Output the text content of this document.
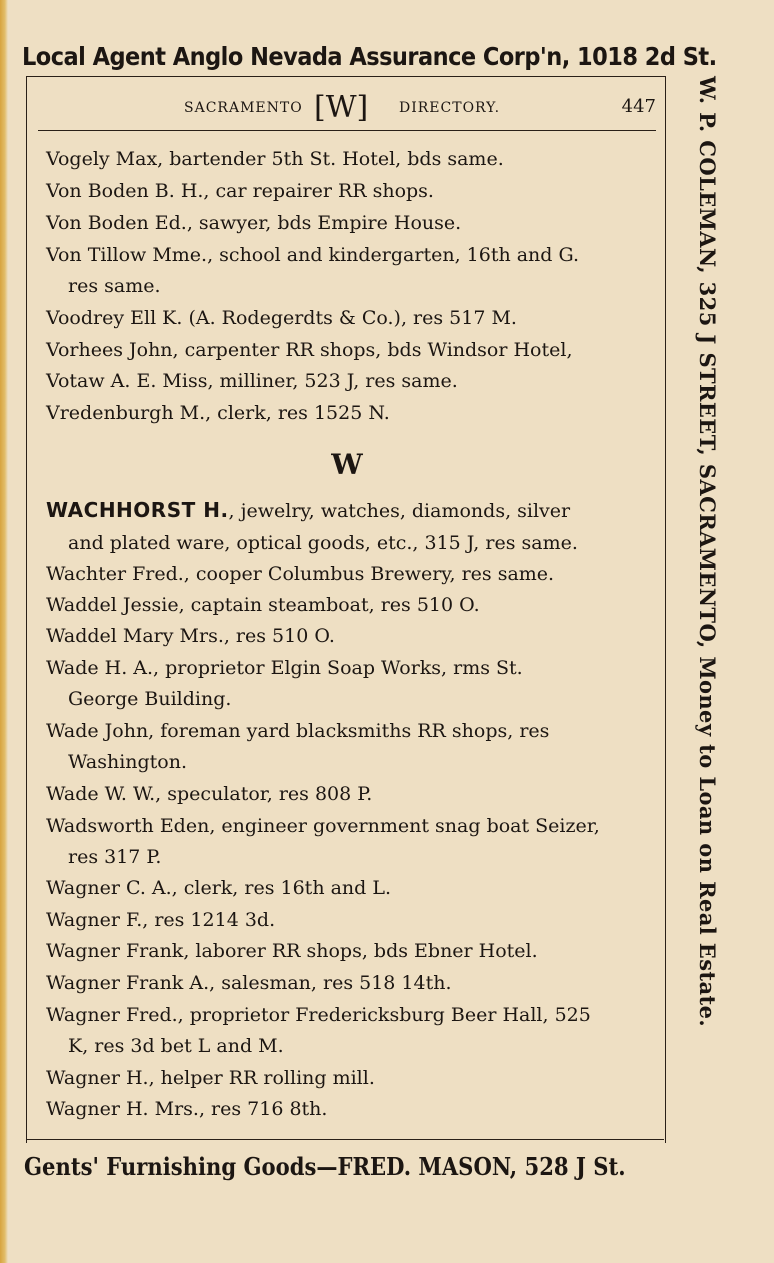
Local Agent Anglo Nevada Assurance Corp'n, 1018 2d St.
SACRAMENTO [W] DIRECTORY.	447
Vogely Max, bartender 5th St. Hotel, bds same.
Von Boden B. H., car repairer RR shops.
Von Boden Ed., sawyer, bds Empire House.
Von Tillow Mme., school and kindergarten, 16th and G.
res same.
Voodrey Ell K. (A. Rodegerdts & Co.), res 517 M.
Vorhees John, carpenter RR shops, bds Windsor Hotel,
Votaw A. E. Miss, milliner, 523 J, res same.
Vredenburgh M., clerk, res 1525 N.
W
WACHHORST H., jewelry, watches, diamonds, silver
and plated ware, optical goods, etc., 315 J, res same.
Wachter Fred., cooper Columbus Brewery, res same.
Waddel Jessie, captain steamboat, res 510 O.
Waddel Mary Mrs., res 510 O.
Wade H. A., proprietor Elgin Soap Works, rms St.
George Building.
Wade John, foreman yard blacksmiths RR shops, res
Washington.
Wade W. W., speculator, res 808 P.
Wadsworth Eden, engineer government snag boat Seizer,
res 317 P.
Wagner C. A., clerk, res 16th and L.
Wagner F., res 1214 3d.
Wagner Frank, laborer RR shops, bds Ebner Hotel.
Wagner Frank A., salesman, res 518 14th.
Wagner Fred., proprietor Fredericksburg Beer Hall, 525
K, res 3d bet L and M.
Wagner H., helper RR rolling mill.
Wagner H. Mrs., res 716 8th.
W. P. COLEMAN, 325 J STREET, SACRAMENTO, Money to Loan on Real Estate.
Gents' Furnishing Goods—FRED. MASON, 528 J St.
